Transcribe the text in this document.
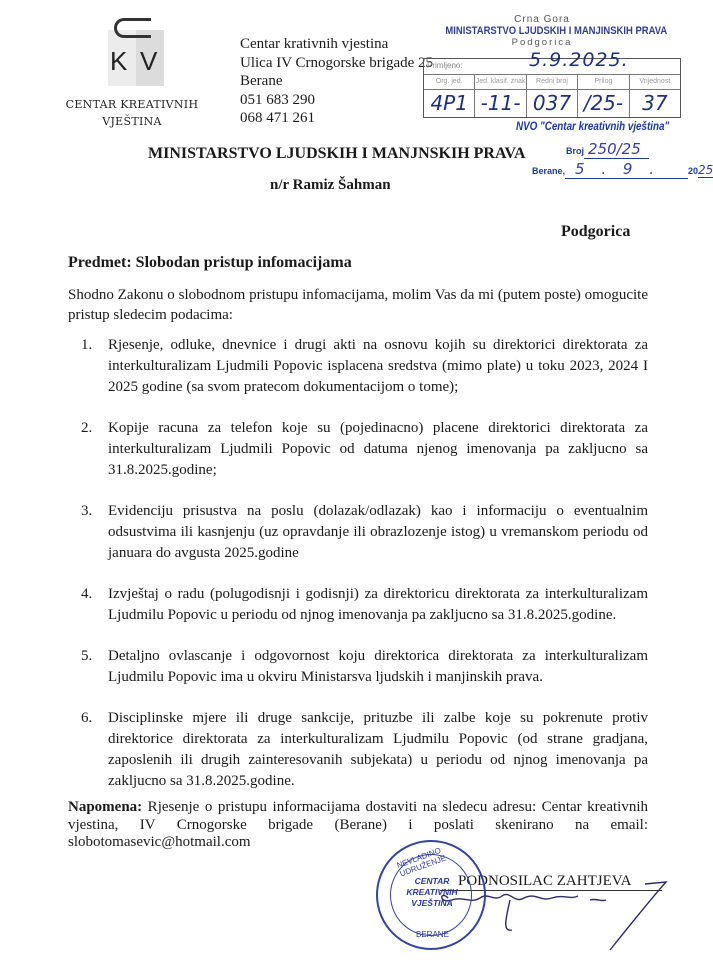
K V
CENTAR KREATIVNIH
VJEŠTINA
Centar krativnih vjestina
Ulica IV Crnogorske brigade 25
Berane
051 683 290
068 471 261
Crna Gora
MINISTARSTVO LJUDSKIH I MANJINSKIH PRAVA
Podgorica
Primljeno:	5.9.2025.
Org. jed.	Jed. klasif. znak	Redni broj	Prilog	Vrijednost
4P1 -11- 037 /25- 37
NVO "Centar kreativnih vještina"
Broj 250/25
Berane, 5 . 9 .	2025
MINISTARSTVO LJUDSKIH I MANJNSKIH PRAVA
n/r Ramiz Šahman
Podgorica
Predmet: Slobodan pristup infomacijama
Shodno Zakonu o slobodnom pristupu infomacijama, molim Vas da mi (putem poste) omogucite pristup sledecim podacima:
1. Rjesenje, odluke, dnevnice i drugi akti na osnovu kojih su direktorici direktorata za interkulturalizam Ljudmili Popovic isplacena sredstva (mimo plate) u toku 2023, 2024 I 2025 godine (sa svom pratecom dokumentacijom o tome);
2. Kopije racuna za telefon koje su (pojedinacno) placene direktorici direktorata za interkulturalizam Ljudmili Popovic od datuma njenog imenovanja pa zakljucno sa 31.8.2025.godine;
3. Evidenciju prisustva na poslu (dolazak/odlazak) kao i informaciju o eventualnim odsustvima ili kasnjenju (uz opravdanje ili obrazlozenje istog) u vremanskom periodu od januara do avgusta 2025.godine
4. Izvještaj o radu (polugodisnji i godisnji) za direktoricu direktorata za interkulturalizam Ljudmilu Popovic u periodu od njnog imenovanja pa zakljucno sa 31.8.2025.godine.
5. Detaljno ovlascanje i odgovornost koju direktorica direktorata za interkulturalizam Ljudmilu Popovic ima u okviru Ministarsva ljudskih i manjinskih prava.
6. Disciplinske mjere ili druge sankcije, prituzbe ili zalbe koje su pokrenute protiv direktorice direktorata za interkulturalizam Ljudmilu Popovic (od strane gradjana, zaposlenih ili drugih zainteresovanih subjekata) u periodu od njnog imenovanja pa zakljucno sa 31.8.2025.godine.
Napomena: Rjesenje o pristupu informacijama dostaviti na sledecu adresu: Centar kreativnih vjestina, IV Crnogorske brigade (Berane) i poslati skenirano na email: slobotomasevic@hotmail.com
PODNOSILAC ZAHTJEVA
NEVLADINO UDRUŽENJE
CENTAR
KREATIVNIH
VJEŠTINA
BERANE
